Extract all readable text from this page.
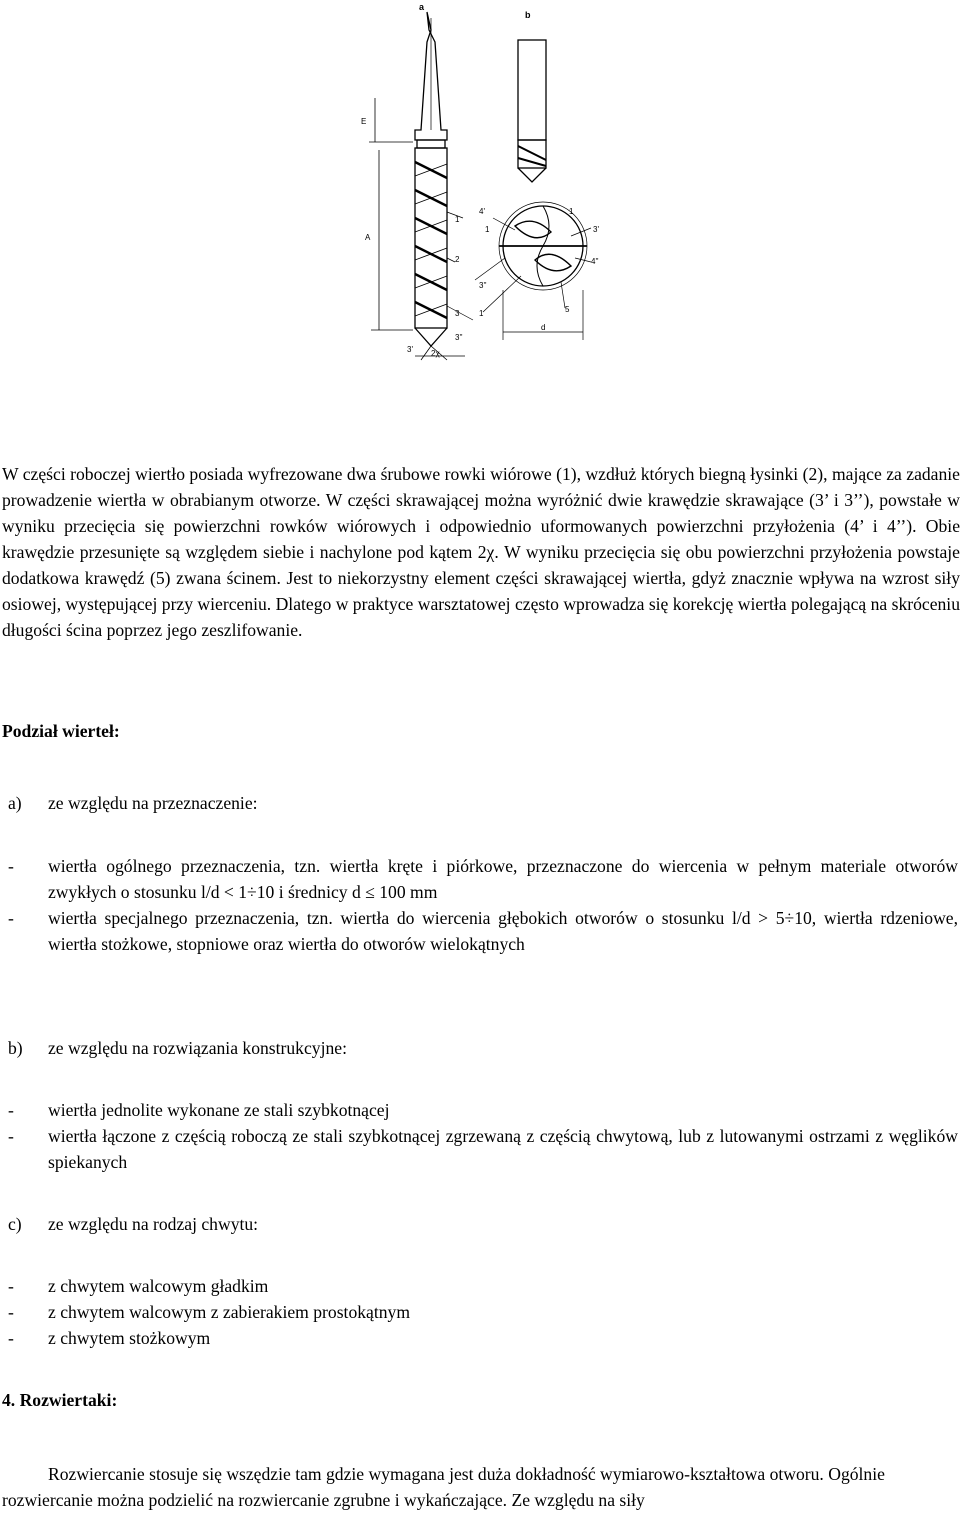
a
b
E
A
1
2
3
3''
3' 2χ
4'
1
3''
1
1
3'
4''
5
d

W części roboczej wiertło posiada wyfrezowane dwa śrubowe rowki wiórowe (1), wzdłuż których biegną łysinki (2), mające za zadanie prowadzenie wiertła w obrabianym otworze. W części skrawającej można wyróżnić dwie krawędzie skrawające (3’ i 3’’), powstałe w wyniku przecięcia się powierzchni rowków wiórowych i odpowiednio uformowanych powierzchni przyłożenia (4’ i 4’’). Obie krawędzie przesunięte są względem siebie i nachylone pod kątem 2χ. W wyniku przecięcia się obu powierzchni przyłożenia powstaje dodatkowa krawędź (5) zwana ścinem. Jest to niekorzystny element części skrawającej wiertła, gdyż znacznie wpływa na wzrost siły osiowej, występującej przy wierceniu. Dlatego w praktyce warsztatowej często wprowadza się korekcję wiertła polegającą na skróceniu długości ścina poprzez jego zeszlifowanie.

Podział wierteł:
a) ze względu na przeznaczenie:
-	wiertła ogólnego przeznaczenia, tzn. wiertła kręte i piórkowe, przeznaczone do wiercenia w pełnym materiale otworów zwykłych o stosunku l/d < 1÷10 i średnicy d ≤ 100 mm
-	wiertła specjalnego przeznaczenia, tzn. wiertła do wiercenia głębokich otworów o stosunku l/d > 5÷10, wiertła rdzeniowe, wiertła stożkowe, stopniowe oraz wiertła do otworów wielokątnych
b) ze względu na rozwiązania konstrukcyjne:
-	wiertła jednolite wykonane ze stali szybkotnącej
-	wiertła łączone z częścią roboczą ze stali szybkotnącej zgrzewaną z częścią chwytową, lub z lutowanymi ostrzami z węglików spiekanych
c) ze względu na rodzaj chwytu:
-	z chwytem walcowym gładkim
-	z chwytem walcowym z zabierakiem prostokątnym
-	z chwytem stożkowym
4. Rozwiertaki:

Rozwiercanie stosuje się wszędzie tam gdzie wymagana jest duża dokładność wymiarowo-kształtowa otworu. Ogólnie rozwiercanie można podzielić na rozwiercanie zgrubne i wykańczające. Ze względu na siły
